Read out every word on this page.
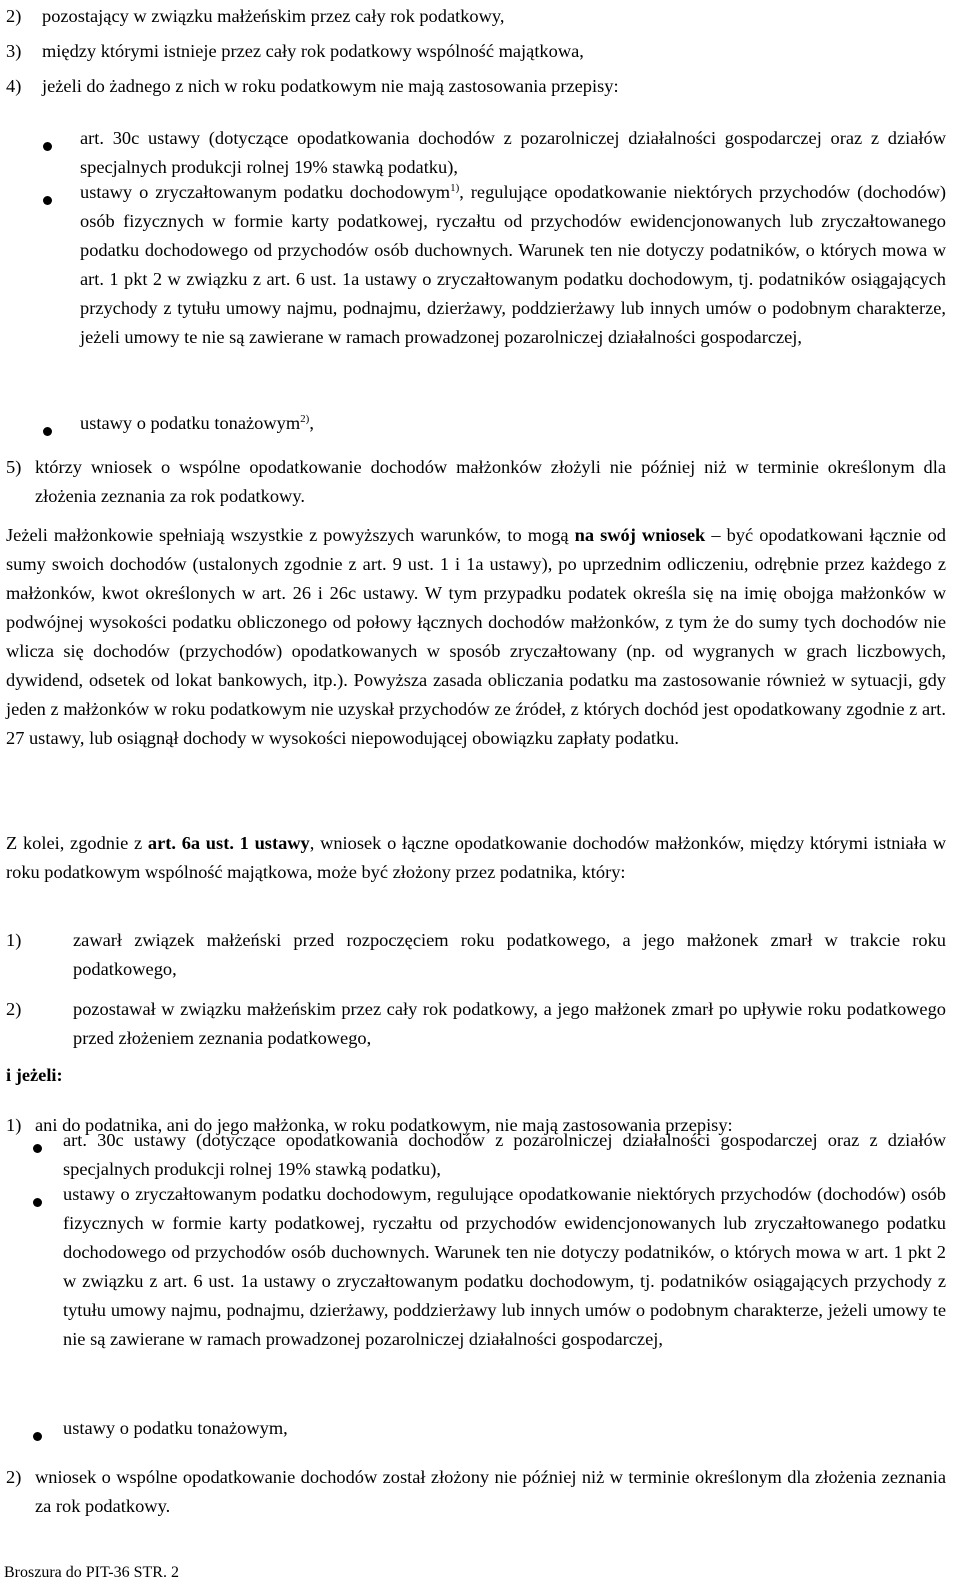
2) pozostający w związku małżeńskim przez cały rok podatkowy,
3) między którymi istnieje przez cały rok podatkowy wspólność majątkowa,
4) jeżeli do żadnego z nich w roku podatkowym nie mają zastosowania przepisy:
art. 30c ustawy (dotyczące opodatkowania dochodów z pozarolniczej działalności gospodarczej oraz z działów specjalnych produkcji rolnej 19% stawką podatku),
ustawy o zryczałtowanym podatku dochodowym$^{1)}$, regulujące opodatkowanie niektórych przychodów (dochodów) osób fizycznych w formie karty podatkowej, ryczałtu od przychodów ewidencjonowanych lub zryczałtowanego podatku dochodowego od przychodów osób duchownych. Warunek ten nie dotyczy podatników, o których mowa w art. 1 pkt 2 w związku z art. 6 ust. 1a ustawy o zryczałtowanym podatku dochodowym, tj. podatników osiągających przychody z tytułu umowy najmu, podnajmu, dzierżawy, poddzierżawy lub innych umów o podobnym charakterze, jeżeli umowy te nie są zawierane w ramach prowadzonej pozarolniczej działalności gospodarczej,
ustawy o podatku tonażowym$^{2)}$,
5) którzy wniosek o wspólne opodatkowanie dochodów małżonków złożyli nie później niż w terminie określonym dla złożenia zeznania za rok podatkowy.
Jeżeli małżonkowie spełniają wszystkie z powyższych warunków, to mogą na swój wniosek – być opodatkowani łącznie od sumy swoich dochodów (ustalonych zgodnie z art. 9 ust. 1 i 1a ustawy), po uprzednim odliczeniu, odrębnie przez każdego z małżonków, kwot określonych w art. 26 i 26c ustawy. W tym przypadku podatek określa się na imię obojga małżonków w podwójnej wysokości podatku obliczonego od połowy łącznych dochodów małżonków, z tym że do sumy tych dochodów nie wlicza się dochodów (przychodów) opodatkowanych w sposób zryczałtowany (np. od wygranych w grach liczbowych, dywidend, odsetek od lokat bankowych, itp.). Powyższa zasada obliczania podatku ma zastosowanie również w sytuacji, gdy jeden z małżonków w roku podatkowym nie uzyskał przychodów ze źródeł, z których dochód jest opodatkowany zgodnie z art. 27 ustawy, lub osiągnął dochody w wysokości niepowodującej obowiązku zapłaty podatku.
Z kolei, zgodnie z art. 6a ust. 1 ustawy, wniosek o łączne opodatkowanie dochodów małżonków, między którymi istniała w roku podatkowym wspólność majątkowa, może być złożony przez podatnika, który:
1)	zawarł związek małżeński przed rozpoczęciem roku podatkowego, a jego małżonek zmarł w trakcie roku podatkowego,
2)	pozostawał w związku małżeńskim przez cały rok podatkowy, a jego małżonek zmarł po upływie roku podatkowego przed złożeniem zeznania podatkowego,
i jeżeli:
1) ani do podatnika, ani do jego małżonka, w roku podatkowym, nie mają zastosowania przepisy:
art. 30c ustawy (dotyczące opodatkowania dochodów z pozarolniczej działalności gospodarczej oraz z działów specjalnych produkcji rolnej 19% stawką podatku),
ustawy o zryczałtowanym podatku dochodowym, regulujące opodatkowanie niektórych przychodów (dochodów) osób fizycznych w formie karty podatkowej, ryczałtu od przychodów ewidencjonowanych lub zryczałtowanego podatku dochodowego od przychodów osób duchownych. Warunek ten nie dotyczy podatników, o których mowa w art. 1 pkt 2 w związku z art. 6 ust. 1a ustawy o zryczałtowanym podatku dochodowym, tj. podatników osiągających przychody z tytułu umowy najmu, podnajmu, dzierżawy, poddzierżawy lub innych umów o podobnym charakterze, jeżeli umowy te nie są zawierane w ramach prowadzonej pozarolniczej działalności gospodarczej,
ustawy o podatku tonażowym,
2) wniosek o wspólne opodatkowanie dochodów został złożony nie później niż w terminie określonym dla złożenia zeznania za rok podatkowy.
Broszura do PIT-36 STR. 2
